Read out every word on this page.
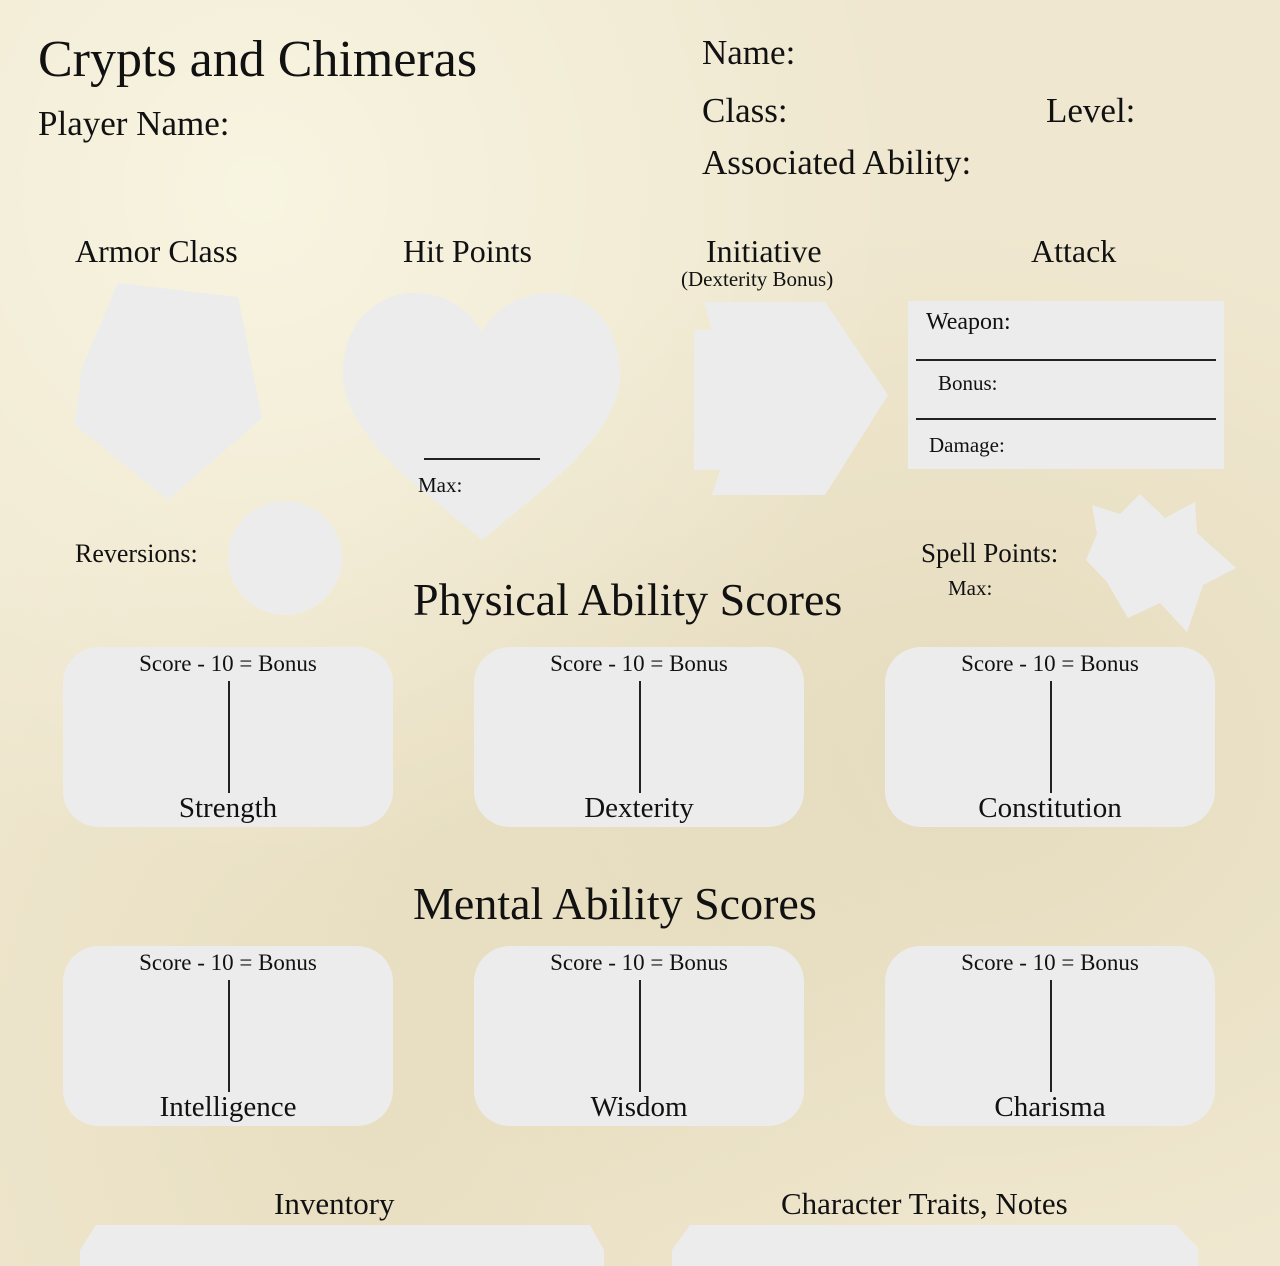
Crypts and Chimeras
Player Name:
Name:
Class:	Level:
Associated Ability:
Armor Class	Hit Points	Initiative
(Dexterity Bonus)
Attack
Max:
Weapon:
Bonus:
Damage:
Reversions:	Spell Points:
Max:
Physical Ability Scores
Score - 10 = Bonus
Strength
Score - 10 = Bonus
Dexterity
Score - 10 = Bonus
Constitution
Mental Ability Scores
Score - 10 = Bonus
Intelligence
Score - 10 = Bonus
Wisdom
Score - 10 = Bonus
Charisma
Inventory	Character Traits, Notes
